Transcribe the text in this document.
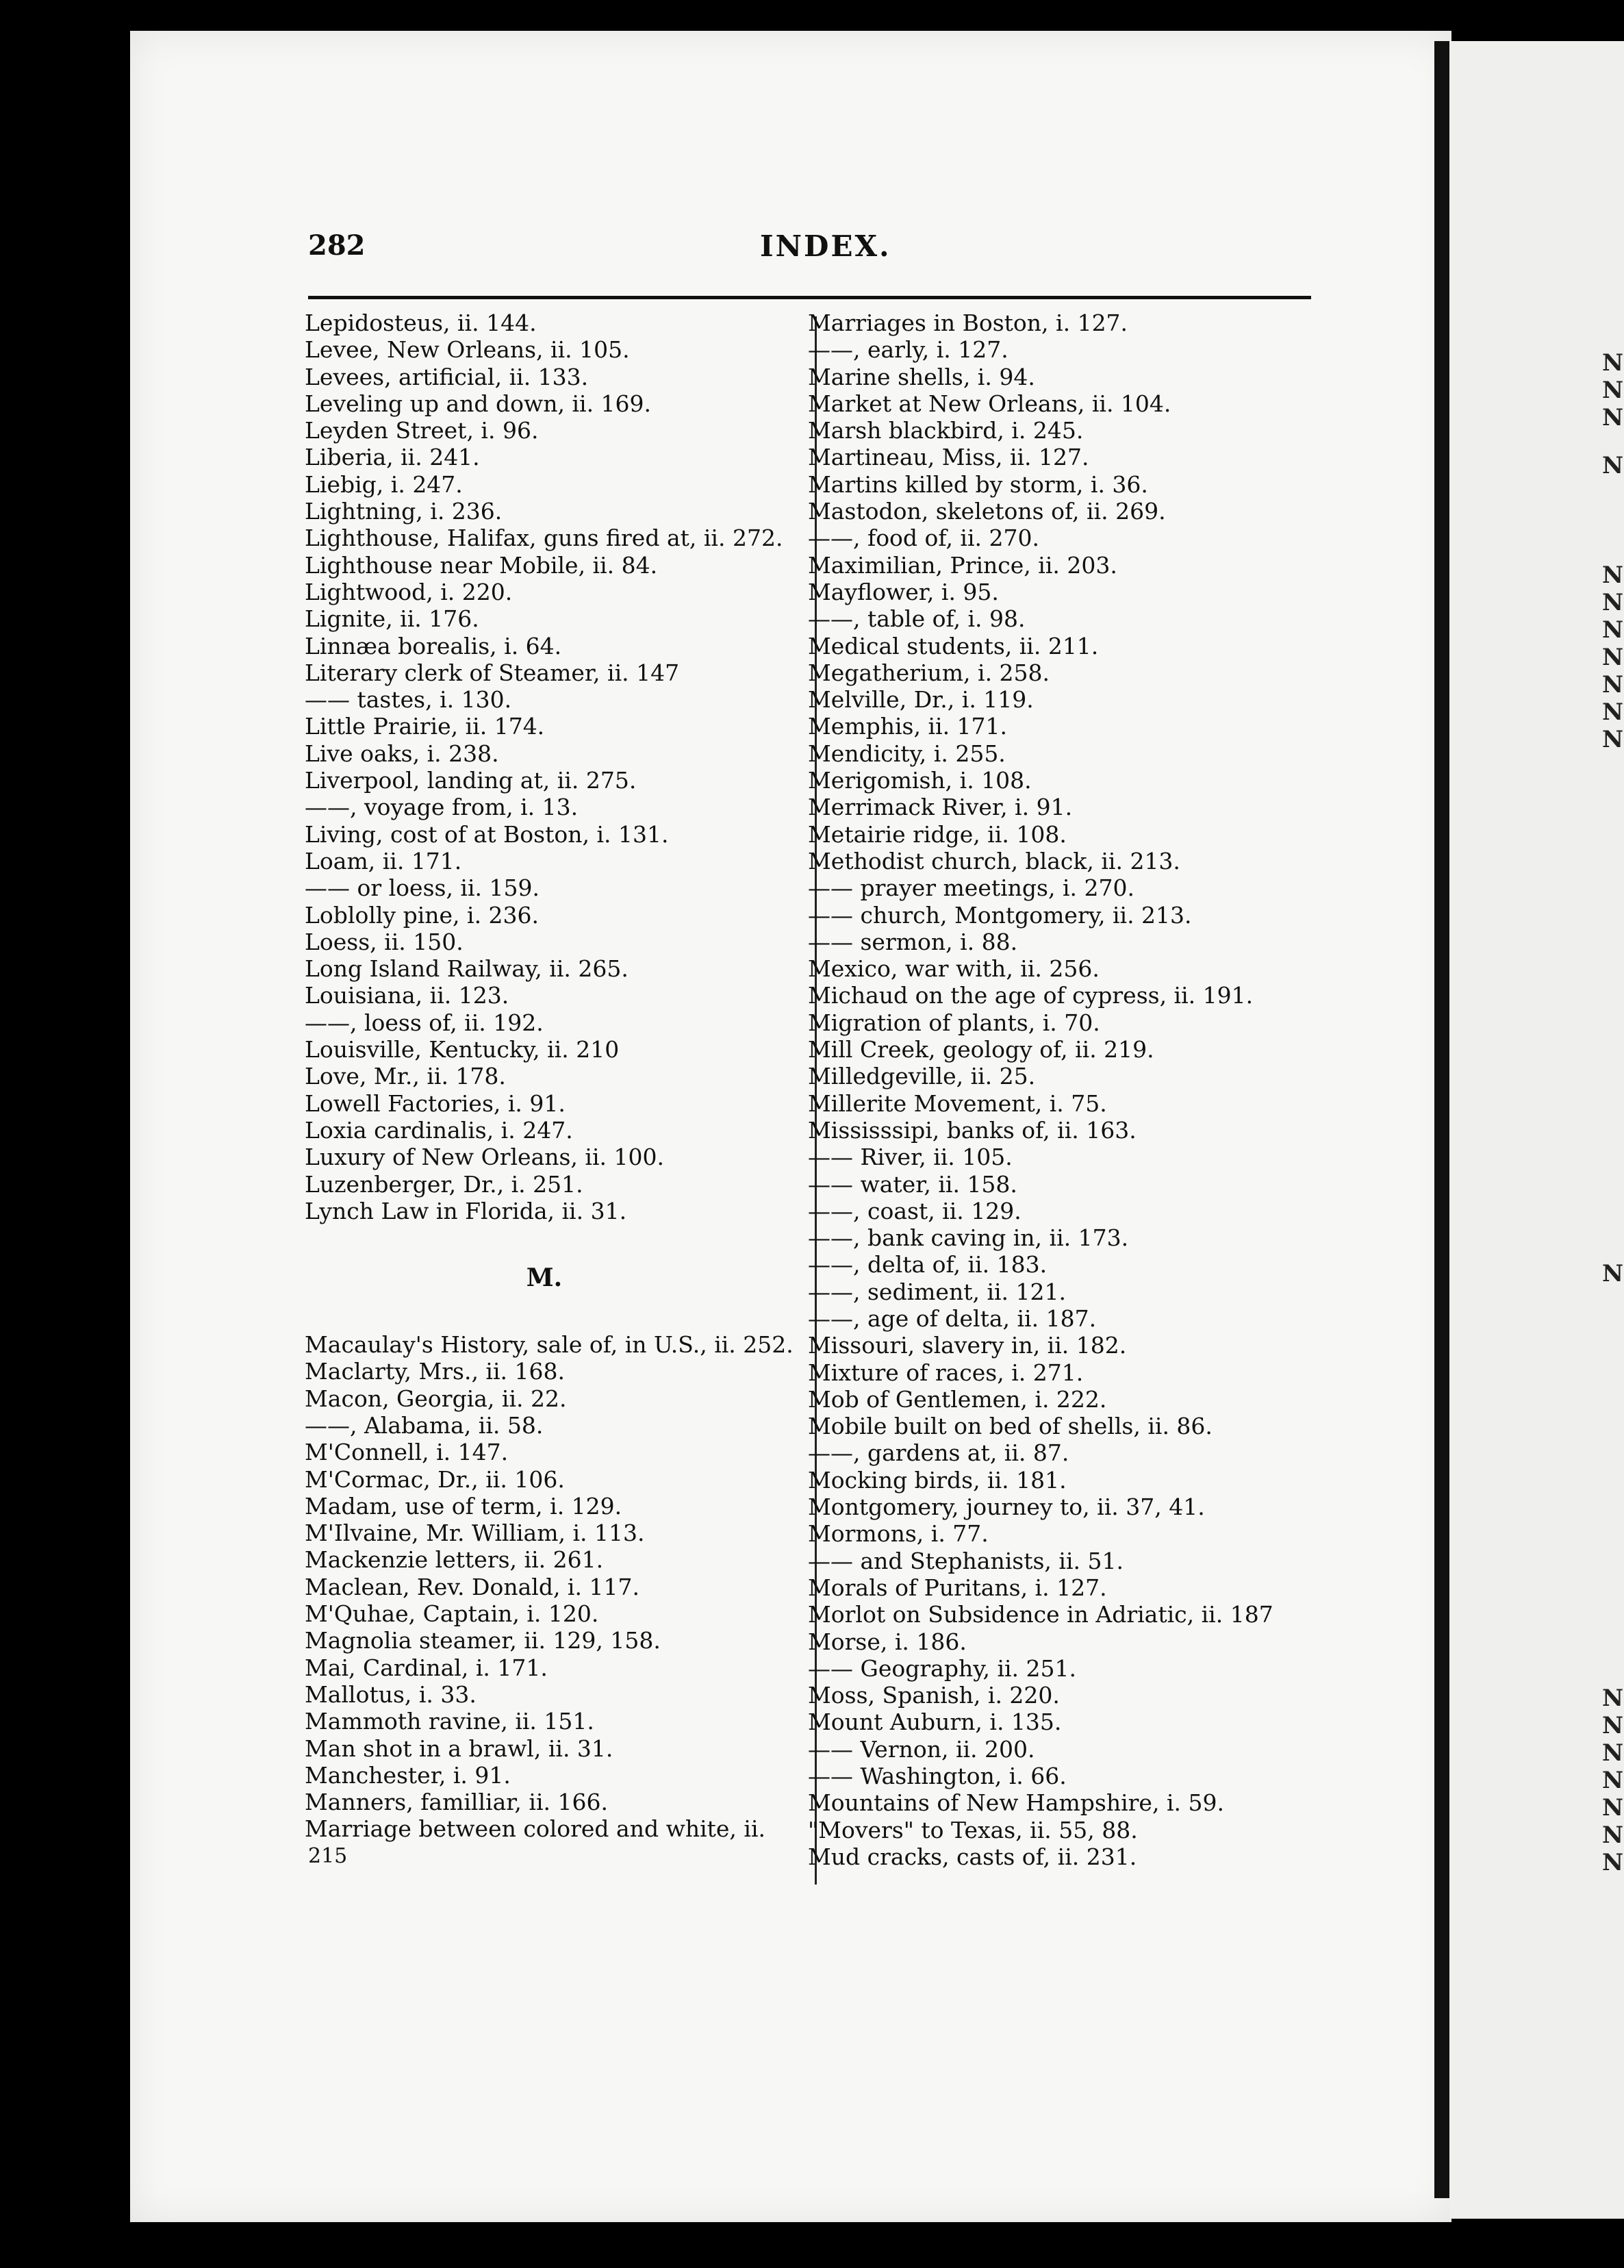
282	INDEX.
Lepidosteus, ii. 144.
Levee, New Orleans, ii. 105.
Levees, artificial, ii. 133.
Leveling up and down, ii. 169.
Leyden Street, i. 96.
Liberia, ii. 241.
Liebig, i. 247.
Lightning, i. 236.
Lighthouse, Halifax, guns fired at, ii. 272.
Lighthouse near Mobile, ii. 84.
Lightwood, i. 220.
Lignite, ii. 176.
Linnæa borealis, i. 64.
Literary clerk of Steamer, ii. 147
—— tastes, i. 130.
Little Prairie, ii. 174.
Live oaks, i. 238.
Liverpool, landing at, ii. 275.
——, voyage from, i. 13.
Living, cost of at Boston, i. 131.
Loam, ii. 171.
—— or loess, ii. 159.
Loblolly pine, i. 236.
Loess, ii. 150.
Long Island Railway, ii. 265.
Louisiana, ii. 123.
——, loess of, ii. 192.
Louisville, Kentucky, ii. 210
Love, Mr., ii. 178.
Lowell Factories, i. 91.
Loxia cardinalis, i. 247.
Luxury of New Orleans, ii. 100.
Luzenberger, Dr., i. 251.
Lynch Law in Florida, ii. 31.
M.
Macaulay's History, sale of, in U.S., ii. 252.
Maclarty, Mrs., ii. 168.
Macon, Georgia, ii. 22.
——, Alabama, ii. 58.
M'Connell, i. 147.
M'Cormac, Dr., ii. 106.
Madam, use of term, i. 129.
M'Ilvaine, Mr. William, i. 113.
Mackenzie letters, ii. 261.
Maclean, Rev. Donald, i. 117.
M'Quhae, Captain, i. 120.
Magnolia steamer, ii. 129, 158.
Mai, Cardinal, i. 171.
Mallotus, i. 33.
Mammoth ravine, ii. 151.
Man shot in a brawl, ii. 31.
Manchester, i. 91.
Manners, familliar, ii. 166.
Marriage between colored and white, ii.
215
Marriages in Boston, i. 127.
——, early, i. 127.
Marine shells, i. 94.
Market at New Orleans, ii. 104.
Marsh blackbird, i. 245.
Martineau, Miss, ii. 127.
Martins killed by storm, i. 36.
Mastodon, skeletons of, ii. 269.
——, food of, ii. 270.
Maximilian, Prince, ii. 203.
Mayflower, i. 95.
——, table of, i. 98.
Medical students, ii. 211.
Megatherium, i. 258.
Melville, Dr., i. 119.
Memphis, ii. 171.
Mendicity, i. 255.
Merigomish, i. 108.
Merrimack River, i. 91.
Metairie ridge, ii. 108.
Methodist church, black, ii. 213.
—— prayer meetings, i. 270.
—— church, Montgomery, ii. 213.
—— sermon, i. 88.
Mexico, war with, ii. 256.
Michaud on the age of cypress, ii. 191.
Migration of plants, i. 70.
Mill Creek, geology of, ii. 219.
Milledgeville, ii. 25.
Millerite Movement, i. 75.
Mississsipi, banks of, ii. 163.
—— River, ii. 105.
—— water, ii. 158.
——, coast, ii. 129.
——, bank caving in, ii. 173.
——, delta of, ii. 183.
——, sediment, ii. 121.
——, age of delta, ii. 187.
Missouri, slavery in, ii. 182.
Mixture of races, i. 271.
Mob of Gentlemen, i. 222.
Mobile built on bed of shells, ii. 86.
——, gardens at, ii. 87.
Mocking birds, ii. 181.
Montgomery, journey to, ii. 37, 41.
Mormons, i. 77.
—— and Stephanists, ii. 51.
Morals of Puritans, i. 127.
Morlot on Subsidence in Adriatic, ii. 187
Morse, i. 186.
—— Geography, ii. 251.
Moss, Spanish, i. 220.
Mount Auburn, i. 135.
—— Vernon, ii. 200.
—— Washington, i. 66.
Mountains of New Hampshire, i. 59.
"Movers" to Texas, ii. 55, 88.
Mud cracks, casts of, ii. 231.
N
N
N
N
N
N
N
N
N
N
N
N
N
N
N
N
N
N
N
